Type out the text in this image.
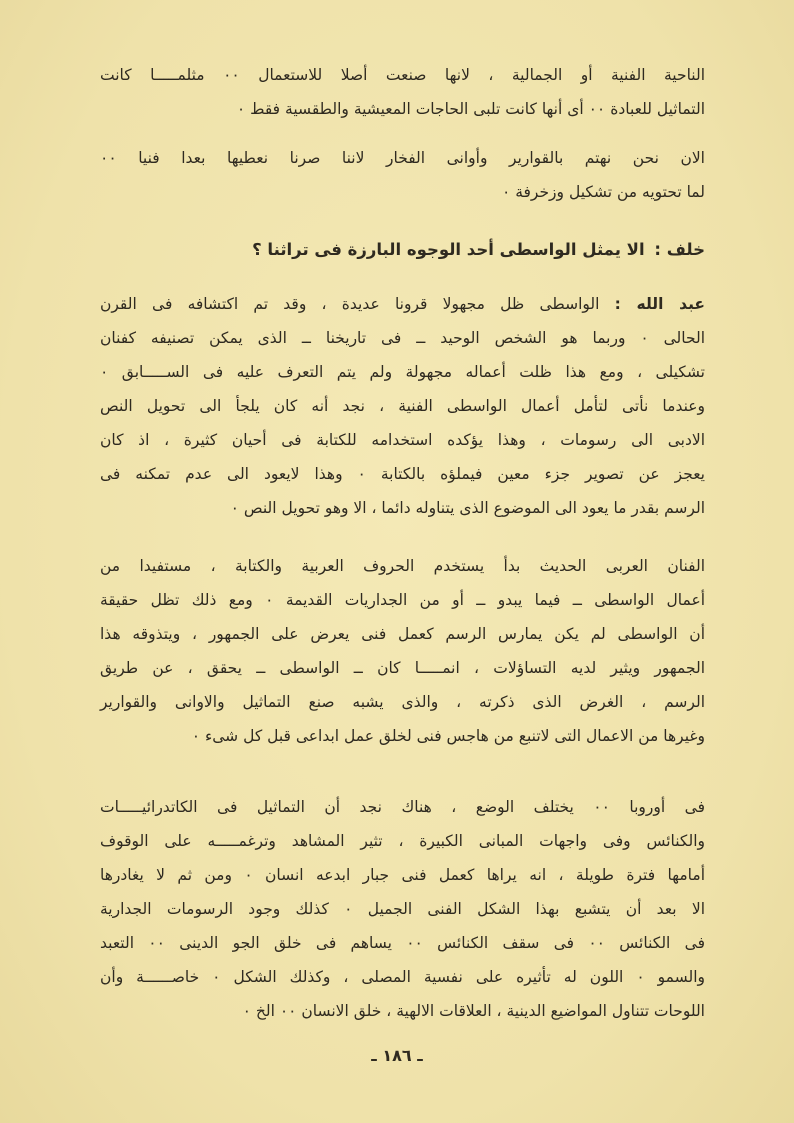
الناحية الفنية أو الجمالية ، لانها صنعت أصلا للاستعمال ٠٠ مثلمـــــا كانت
التماثيل للعبادة ٠٠ أى أنها كانت تلبى الحاجات المعيشية والطقسية فقط ٠
الان نحن نهتم بالقوارير وأوانى الفخار لاننا صرنا نعطيها بعدا فنيا ٠٠
لما تحتويه من تشكيل وزخرفة ٠
خلف : الا يمثل الواسطى أحد الوجوه البارزة فى تراثنا ؟
عبد الله : الواسطى ظل مجهولا قرونا عديدة ، وقد تم اكتشافه فى القرن
الحالى ٠ وربما هو الشخص الوحيد ــ فى تاريخنا ــ الذى يمكن تصنيفه كفنان
تشكيلى ، ومع هذا ظلت أعماله مجهولة ولم يتم التعرف عليه فى الســـــابق ٠
وعندما نأتى لتأمل أعمال الواسطى الفنية ، نجد أنه كان يلجأ الى تحويل النص
الادبى الى رسومات ، وهذا يؤكده استخدامه للكتابة فى أحيان كثيرة ، اذ كان
يعجز عن تصوير جزء معين فيملؤه بالكتابة ٠ وهذا لايعود الى عدم تمكنه فى
الرسم بقدر ما يعود الى الموضوع الذى يتناوله دائما ، الا وهو تحويل النص ٠
الفنان العربى الحديث بدأ يستخدم الحروف العربية والكتابة ، مستفيدا من
أعمال الواسطى ــ فيما يبدو ــ أو من الجداريات القديمة ٠ ومع ذلك تظل حقيقة
أن الواسطى لم يكن يمارس الرسم كعمل فنى يعرض على الجمهور ، ويتذوقه هذا
الجمهور ويثير لديه التساؤلات ، انمـــــا كان ــ الواسطى ــ يحقق ، عن طريق
الرسم ، الغرض الذى ذكرته ، والذى يشبه صنع التماثيل والاوانى والقوارير
وغيرها من الاعمال التى لاتنبع من هاجس فنى لخلق عمل ابداعى قبل كل شىء ٠
فى أوروبا ٠٠ يختلف الوضع ، هناك نجد أن التماثيل فى الكاتدرائيـــــات
والكنائس وفى واجهات المبانى الكبيرة ، تثير المشاهد وترغمـــــه على الوقوف
أمامها فترة طويلة ، انه يراها كعمل فنى جبار ابدعه انسان ٠ ومن ثم لا يغادرها
الا بعد أن يتشبع بهذا الشكل الفنى الجميل ٠ كذلك وجود الرسومات الجدارية
فى الكنائس ٠٠ فى سقف الكنائس ٠٠ يساهم فى خلق الجو الدينى ٠٠ التعبد
والسمو ٠ اللون له تأثيره على نفسية المصلى ، وكذلك الشكل ٠ خاصــــــة وأن
اللوحات تتناول المواضيع الدينية ، العلاقات الالهية ، خلق الانسان ٠٠ الخ ٠
ـ ١٨٦ ـ
